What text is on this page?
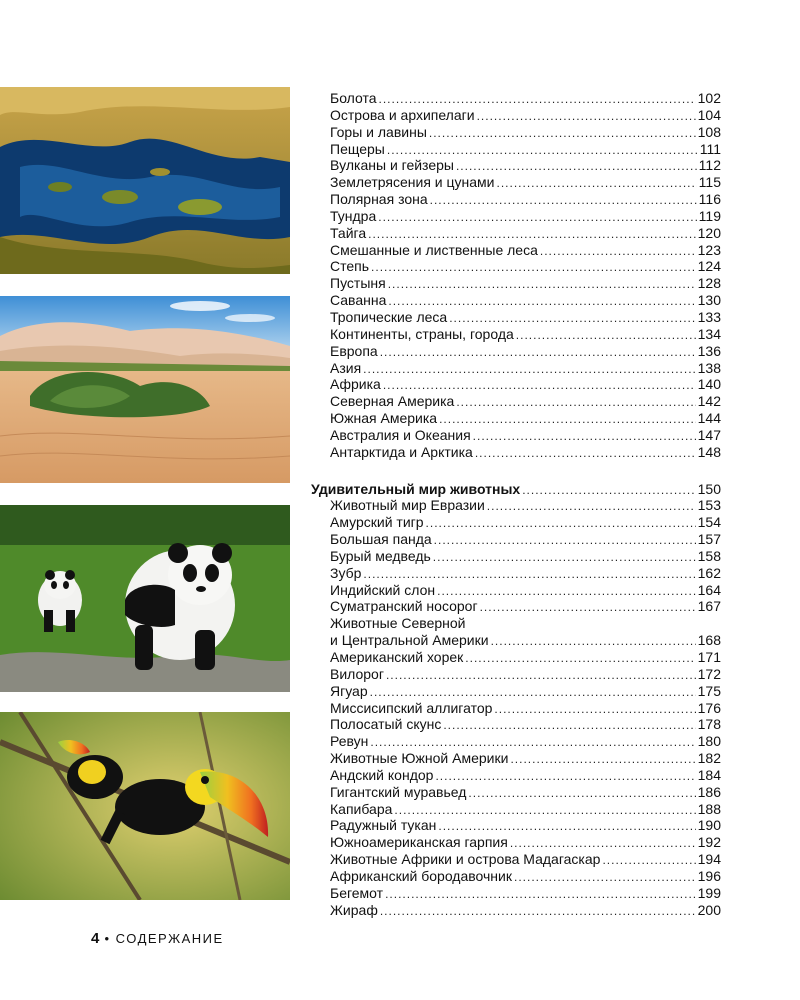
Болота .....	102
Острова и архипелаги .....	104
Горы и лавины .....	108
Пещеры .....	111
Вулканы и гейзеры .....	112
Землетрясения и цунами .....	115
Полярная зона .....	116
Тундра .....	119
Тайга .....	120
Смешанные и лиственные леса .....	123
Степь .....	124
Пустыня .....	128
Саванна .....	130
Тропические леса .....	133
Континенты, страны, города .....	134
Европа .....	136
Азия .....	138
Африка .....	140
Северная Америка .....	142
Южная Америка .....	144
Австралия и Океания .....	147
Антарктида и Арктика .....	148
Удивительный мир животных .....	150
Животный мир Евразии .....	153
Амурский тигр .....	154
Большая панда .....	157
Бурый медведь .....	158
Зубр .....	162
Индийский слон .....	164
Суматранский носорог .....	167
Животные Северной
и Центральной Америки .....	168
Американский хорек .....	171
Вилорог .....	172
Ягуар .....	175
Миссисипский аллигатор .....	176
Полосатый скунс .....	178
Ревун .....	180
Животные Южной Америки .....	182
Андский кондор .....	184
Гигантский муравьед .....	186
Капибара .....	188
Радужный тукан .....	190
Южноамериканская гарпия .....	192
Животные Африки и острова Мадагаскар .....	194
Африканский бородавочник .....	196
Бегемот .....	199
Жираф .....	200
4 • СОДЕРЖАНИЕ
